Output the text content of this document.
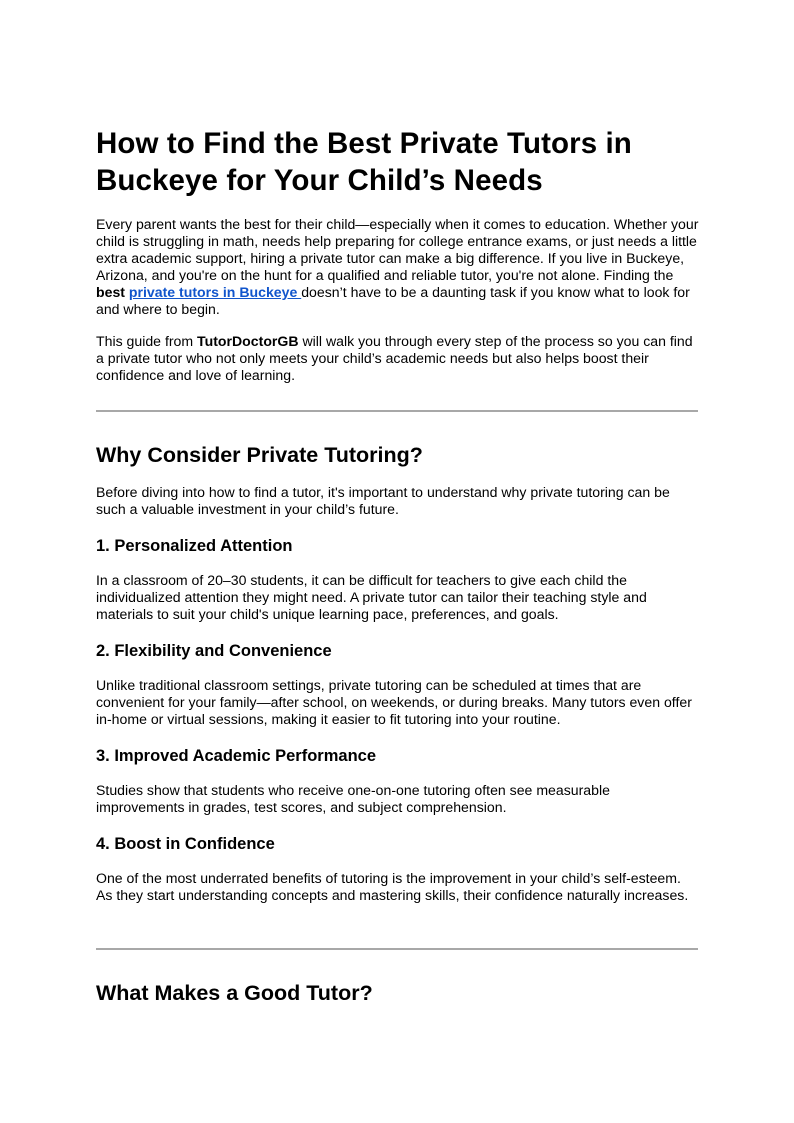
How to Find the Best Private Tutors in Buckeye for Your Child’s Needs

Every parent wants the best for their child—especially when it comes to education. Whether your child is struggling in math, needs help preparing for college entrance exams, or just needs a little extra academic support, hiring a private tutor can make a big difference. If you live in Buckeye, Arizona, and you're on the hunt for a qualified and reliable tutor, you're not alone. Finding the best private tutors in Buckeye doesn’t have to be a daunting task if you know what to look for and where to begin.

This guide from TutorDoctorGB will walk you through every step of the process so you can find a private tutor who not only meets your child’s academic needs but also helps boost their confidence and love of learning.

Why Consider Private Tutoring?

Before diving into how to find a tutor, it's important to understand why private tutoring can be such a valuable investment in your child’s future.

1. Personalized Attention

In a classroom of 20–30 students, it can be difficult for teachers to give each child the individualized attention they might need. A private tutor can tailor their teaching style and materials to suit your child's unique learning pace, preferences, and goals.

2. Flexibility and Convenience

Unlike traditional classroom settings, private tutoring can be scheduled at times that are convenient for your family—after school, on weekends, or during breaks. Many tutors even offer in-home or virtual sessions, making it easier to fit tutoring into your routine.

3. Improved Academic Performance

Studies show that students who receive one-on-one tutoring often see measurable improvements in grades, test scores, and subject comprehension.

4. Boost in Confidence

One of the most underrated benefits of tutoring is the improvement in your child’s self-esteem. As they start understanding concepts and mastering skills, their confidence naturally increases.

What Makes a Good Tutor?
